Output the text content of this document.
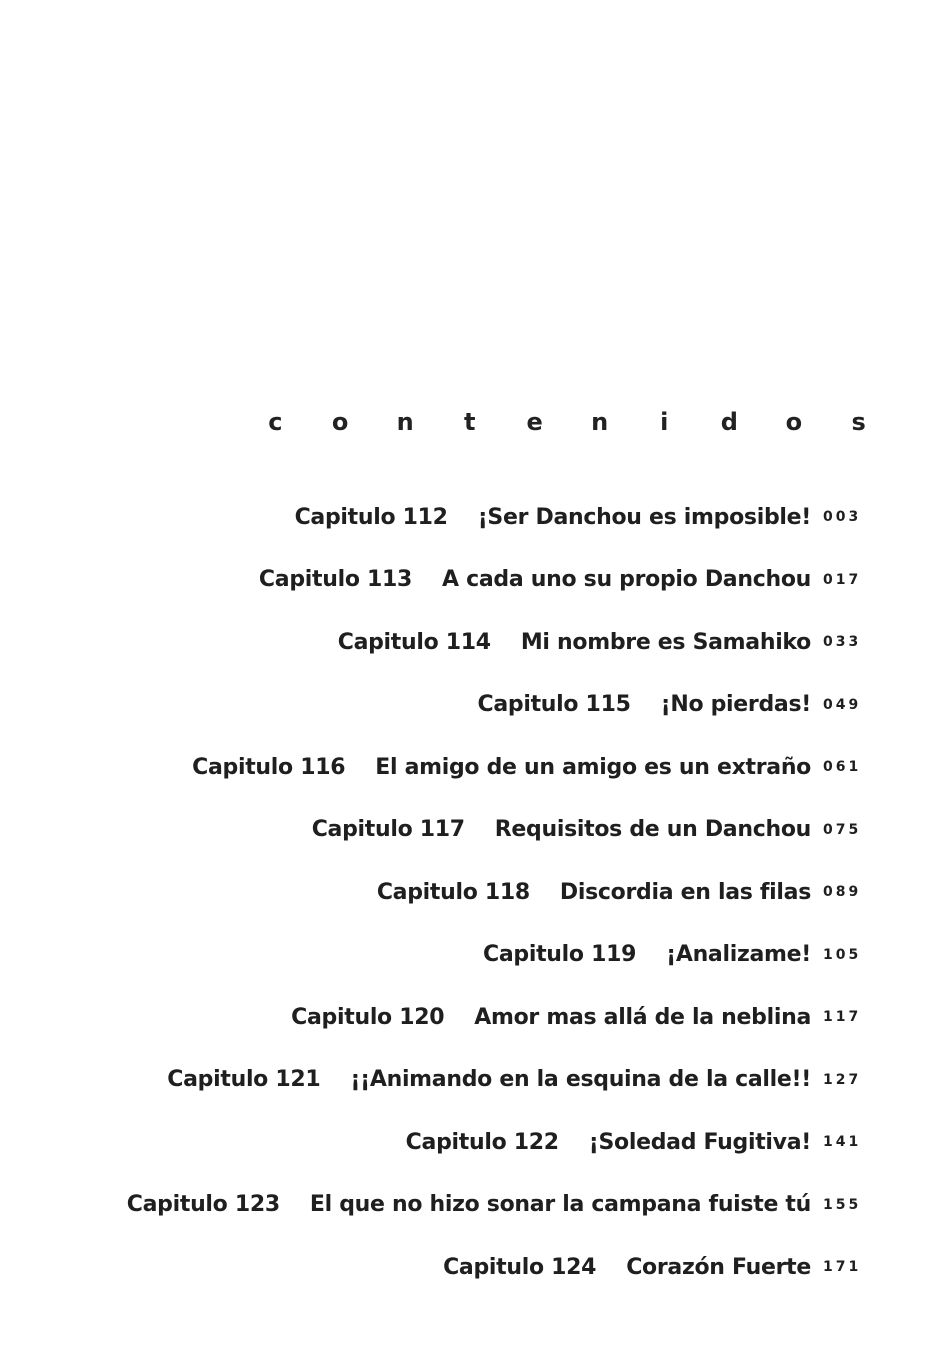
c o n t e n i d o s
Capitulo 112 ¡Ser Danchou es imposible! 003
Capitulo 113 A cada uno su propio Danchou 017
Capitulo 114 Mi nombre es Samahiko 033
Capitulo 115 ¡No pierdas! 049
Capitulo 116 El amigo de un amigo es un extraño 061
Capitulo 117 Requisitos de un Danchou 075
Capitulo 118 Discordia en las filas 089
Capitulo 119 ¡Analizame! 105
Capitulo 120 Amor mas allá de la neblina 117
Capitulo 121 ¡¡Animando en la esquina de la calle!! 127
Capitulo 122 ¡Soledad Fugitiva! 141
Capitulo 123 El que no hizo sonar la campana fuiste tú 155
Capitulo 124 Corazón Fuerte 171
